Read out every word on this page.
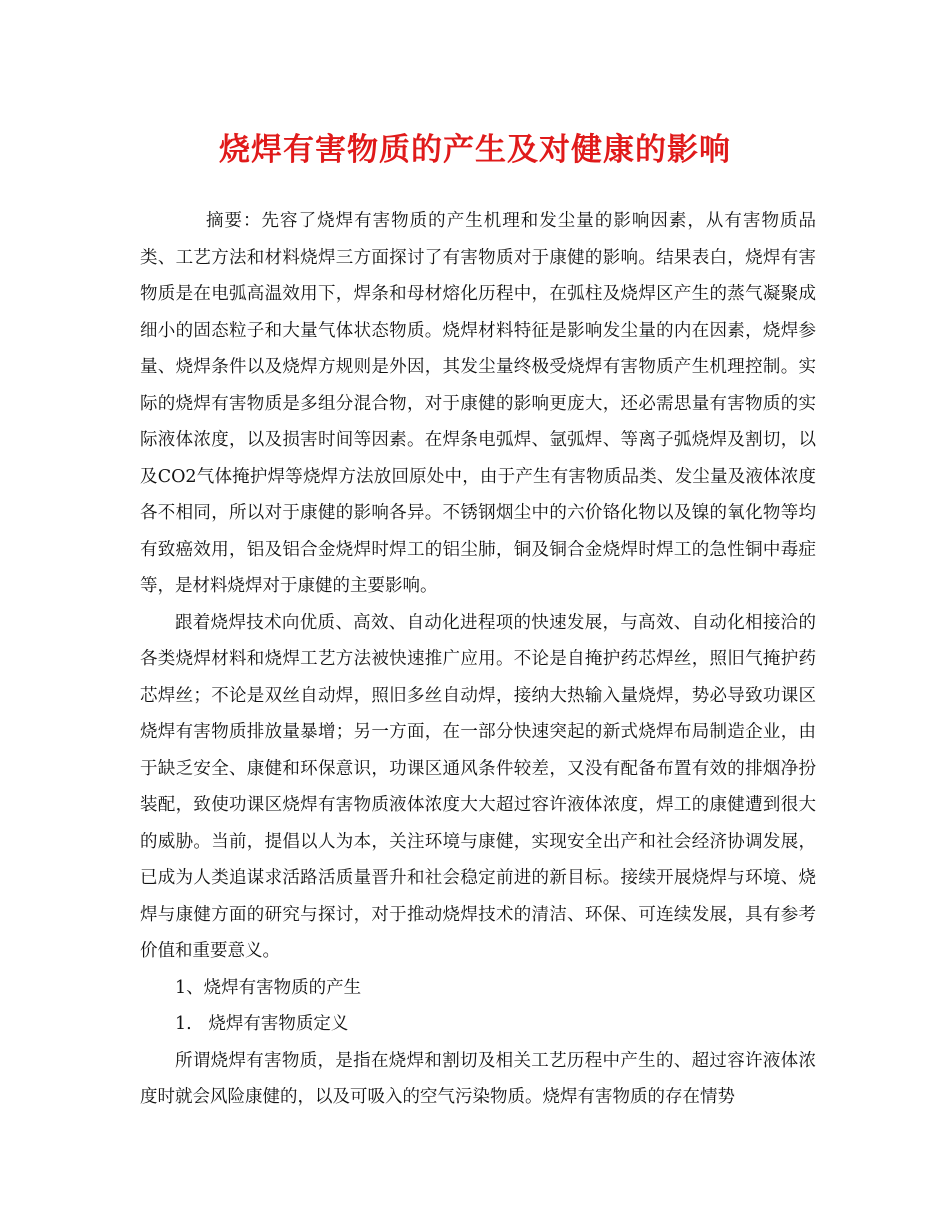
烧焊有害物质的产生及对健康的影响

摘要：先容了烧焊有害物质的产生机理和发尘量的影响因素，从有害物质品类、工艺方法和材料烧焊三方面探讨了有害物质对于康健的影响。结果表白，烧焊有害物质是在电弧高温效用下，焊条和母材熔化历程中，在弧柱及烧焊区产生的蒸气凝聚成细小的固态粒子和大量气体状态物质。烧焊材料特征是影响发尘量的内在因素，烧焊参量、烧焊条件以及烧焊方规则是外因，其发尘量终极受烧焊有害物质产生机理控制。实际的烧焊有害物质是多组分混合物，对于康健的影响更庞大，还必需思量有害物质的实际液体浓度，以及损害时间等因素。在焊条电弧焊、氩弧焊、等离子弧烧焊及割切，以及CO2气体掩护焊等烧焊方法放回原处中，由于产生有害物质品类、发尘量及液体浓度各不相同，所以对于康健的影响各异。不锈钢烟尘中的六价铬化物以及镍的氧化物等均有致癌效用，铝及铝合金烧焊时焊工的铝尘肺，铜及铜合金烧焊时焊工的急性铜中毒症等，是材料烧焊对于康健的主要影响。

跟着烧焊技术向优质、高效、自动化进程项的快速发展，与高效、自动化相接洽的各类烧焊材料和烧焊工艺方法被快速推广应用。不论是自掩护药芯焊丝，照旧气掩护药芯焊丝；不论是双丝自动焊，照旧多丝自动焊，接纳大热输入量烧焊，势必导致功课区烧焊有害物质排放量暴增；另一方面，在一部分快速突起的新式烧焊布局制造企业，由于缺乏安全、康健和环保意识，功课区通风条件较差，又没有配备布置有效的排烟净扮装配，致使功课区烧焊有害物质液体浓度大大超过容许液体浓度，焊工的康健遭到很大的威胁。当前，提倡以人为本，关注环境与康健，实现安全出产和社会经济协调发展，已成为人类追谋求活路活质量晋升和社会稳定前进的新目标。接续开展烧焊与环境、烧焊与康健方面的研究与探讨，对于推动烧焊技术的清洁、环保、可连续发展，具有参考价值和重要意义。

1、烧焊有害物质的产生

1.   烧焊有害物质定义

所谓烧焊有害物质，是指在烧焊和割切及相关工艺历程中产生的、超过容许液体浓度时就会风险康健的，以及可吸入的空气污染物质。烧焊有害物质的存在情势
